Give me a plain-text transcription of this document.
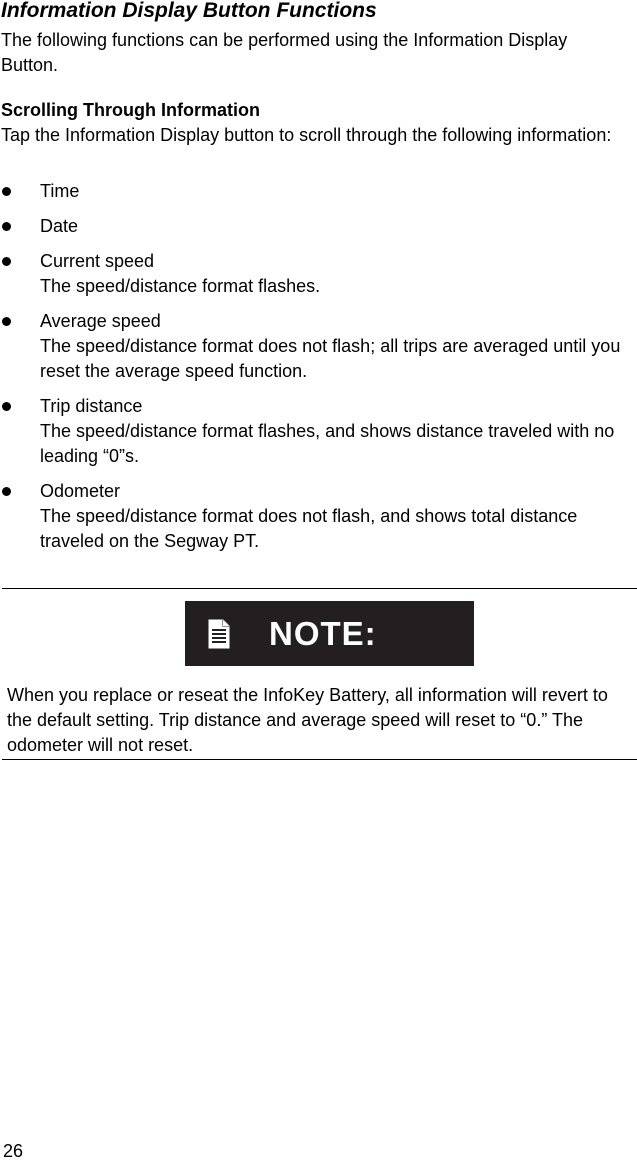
Information Display Button Functions

The following functions can be performed using the Information Display Button.

Scrolling Through Information

Tap the Information Display button to scroll through the following information:

Time
Date
Current speed
The speed/distance format flashes.
Average speed
The speed/distance format does not flash; all trips are averaged until you reset the average speed function.
Trip distance
The speed/distance format flashes, and shows distance traveled with no leading “0”s.
Odometer
The speed/distance format does not flash, and shows total distance traveled on the Segway PT.
NOTE:

When you replace or reseat the InfoKey Battery, all information will revert to the default setting. Trip distance and average speed will reset to “0.” The odometer will not reset.

26
